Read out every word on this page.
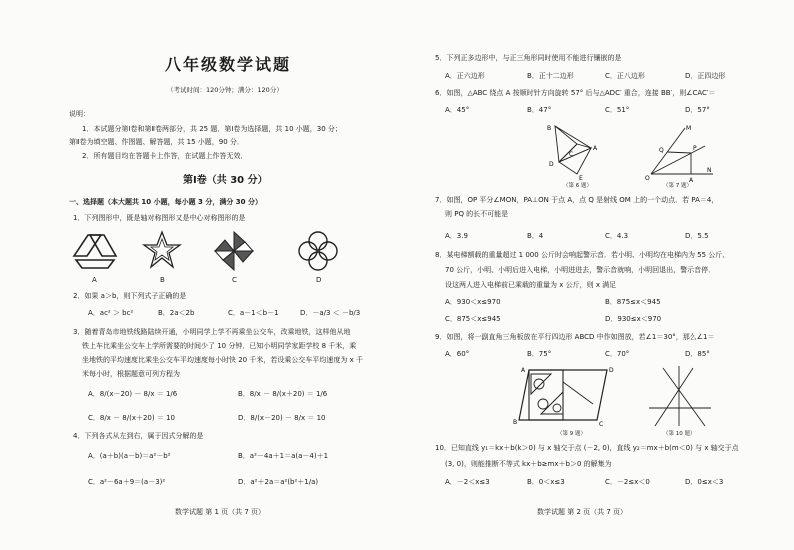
八年级数学试题
（考试时间：120分钟；满分：120分）
说明：
1．本试题分第Ⅰ卷和第Ⅱ卷两部分，共 25 题．第Ⅰ卷为选择题，共 10 小题，30 分；
第Ⅱ卷为填空题、作图题、解答题，共 15 小题，90 分．
2．所有题目均在答题卡上作答，在试题上作答无效．
第Ⅰ卷（共 30 分）
一、选择题（本大题共 10 小题，每小题 3 分，满分 30 分）
1．下列图形中，既是轴对称图形又是中心对称图形的是
A	B	C	D
2．如果 a＞b，则下列式子正确的是
A．ac² ＞ bc²	B．2a＜2b	C．a－1＜b－1	D．－a/3 ＜ －b/3
3．随着青岛市地铁线路陆续开通，小明同学上学不再乘坐公交车，改乘地铁，这样他从地
铁上车比乘坐公交车上学所需要的时间少了 10 分钟．已知小明同学家距学校 8 千米，乘
坐地铁的平均速度比乘坐公交车平均速度每小时快 20 千米，若设乘公交车平均速度为 x 千
米每小时，根据题意可列方程为
A．8/(x－20) － 8/x ＝ 1/6	B．8/x － 8/(x＋20) ＝ 1/6
C．8/x － 8/(x＋20) ＝ 10	D．8/(x－20) － 8/x ＝ 10
4．下列各式从左到右，属于因式分解的是
A．(a＋b)(a－b)＝a²－b²	B．a²－4a＋1＝a(a－4)＋1
C．a²－6a＋9＝(a－3)²	D．a²＋2a＝a²(b²＋1/a)
数学试题 第 1 页（共 7 页）
5．下列正多边形中，与正三角形同时使用不能进行镶嵌的是
A．正六边形	B．正十二边形	C．正八边形	D．正四边形
6．如图，△ABC 绕点 A 按顺时针方向旋转 57° 后与△ADC′ 重合，连接 BB′，则∠CAC′＝
A．45°	B．47°	C．51°	D．57°
B
D
C
A
E
（第 6 题）
M
P
Q
A
N
O
（第 7 题）
7．如图，OP 平分∠MON，PA⊥ON 于点 A，点 Q 是射线 OM 上的一个动点．若 PA＝4，
则 PQ 的长不可能是
A．3.9	B．4	C．4.3	D．5.5
8．某电梯额载的重量超过 1 000 公斤时会响起警示音．若小明、小明均在电梯内为 55 公斤、
70 公斤，小明、小明后进入电梯，小明进进去，警示音就响，小明回退出，警示音停．
设这两人进入电梯前已乘载的重量为 x 公斤，则 x 满足
A．930＜x≤970	B．875≤x＜945
C．875＜x≤945	D．930≤x＜970
9．如图，将一副直角三角板放在平行四边形 ABCD 中作如图放，若∠1＝30°，那么∠1＝
A．60°	B．75°	C．70°	D．85°
D
A
B	C
（第 9 题）	（第 10 题）
10．已知直线 y₁＝kx＋b(k＞0) 与 x 轴交于点 (－2, 0)，直线 y₂＝mx＋b(m＜0) 与 x 轴交于点
(3, 0)，则能推断不等式 kx＋b≥mx＋b＞0 的解集为
A．－2＜x≤3	B．0＜x≤3	C．－2≤x＜0	D．0≤x＜3
数学试题 第 2 页（共 7 页）
